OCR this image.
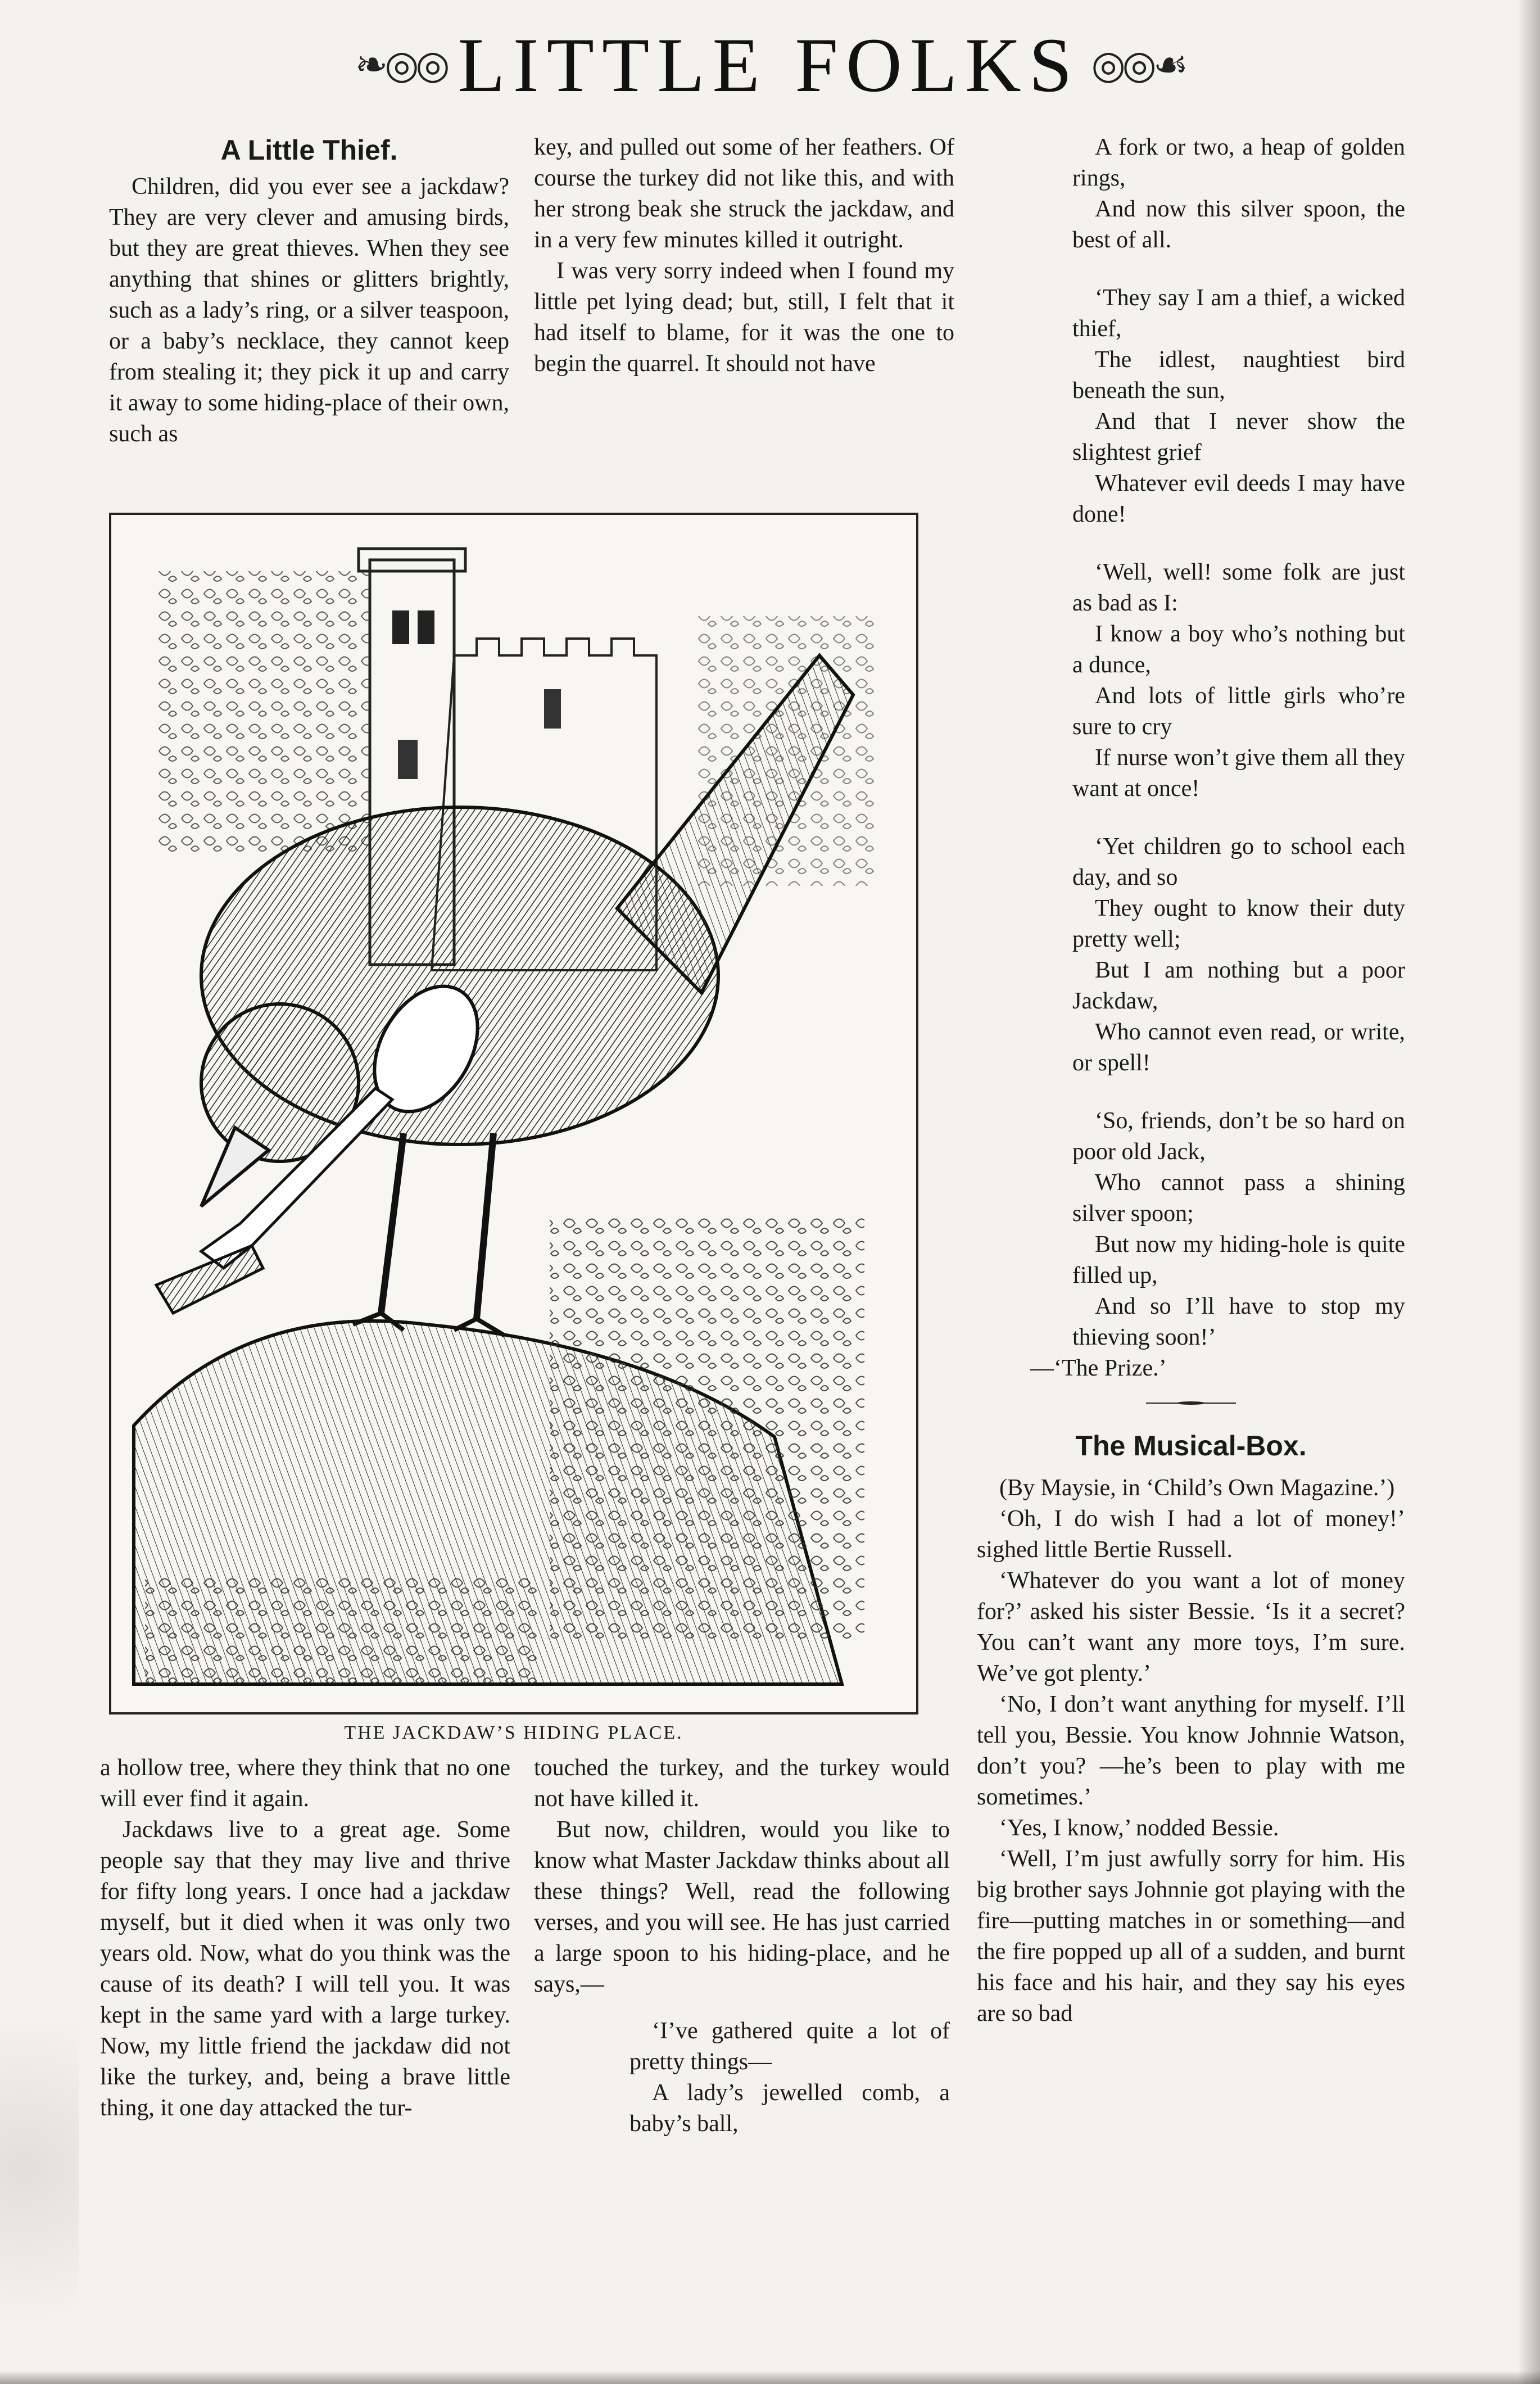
❧◎◎ LITTLE FOLKS ◎◎☙
A Little Thief.

Children, did you ever see a jackdaw? They are very clever and amusing birds, but they are great thieves. When they see anything that shines or glitters brightly, such as a lady’s ring, or a silver teaspoon, or a baby’s necklace, they cannot keep from stealing it; they pick it up and carry it away to some hiding-place of their own, such as

key, and pulled out some of her feathers. Of course the turkey did not like this, and with her strong beak she struck the jackdaw, and in a very few minutes killed it outright.

I was very sorry indeed when I found my little pet lying dead; but, still, I felt that it had itself to blame, for it was the one to begin the quarrel. It should not have

THE JACKDAW’S HIDING PLACE.

a hollow tree, where they think that no one will ever find it again.

Jackdaws live to a great age. Some people say that they may live and thrive for fifty long years. I once had a jackdaw myself, but it died when it was only two years old. Now, what do you think was the cause of its death? I will tell you. It was kept in the same yard with a large turkey. Now, my little friend the jackdaw did not like the turkey, and, being a brave little thing, it one day attacked the tur-

touched the turkey, and the turkey would not have killed it.

But now, children, would you like to know what Master Jackdaw thinks about all these things? Well, read the following verses, and you will see. He has just carried a large spoon to his hiding-place, and he says,—

‘I’ve gathered quite a lot of pretty things—

A lady’s jewelled comb, a baby’s ball,

A fork or two, a heap of golden rings,

And now this silver spoon, the best of all.

‘They say I am a thief, a wicked thief,

The idlest, naughtiest bird beneath the sun,

And that I never show the slightest grief

Whatever evil deeds I may have done!

‘Well, well! some folk are just as bad as I:

I know a boy who’s nothing but a dunce,

And lots of little girls who’re sure to cry

If nurse won’t give them all they want at once!

‘Yet children go to school each day, and so

They ought to know their duty pretty well;

But I am nothing but a poor Jackdaw,

Who cannot even read, or write, or spell!

‘So, friends, don’t be so hard on poor old Jack,

Who cannot pass a shining silver spoon;

But now my hiding-hole is quite filled up,

And so I’ll have to stop my thieving soon!’

—‘The Prize.’

The Musical-Box.

(By Maysie, in ‘Child’s Own Magazine.’)

‘Oh, I do wish I had a lot of money!’ sighed little Bertie Russell.

‘Whatever do you want a lot of money for?’ asked his sister Bessie. ‘Is it a secret? You can’t want any more toys, I’m sure. We’ve got plenty.’

‘No, I don’t want anything for myself. I’ll tell you, Bessie. You know Johnnie Watson, don’t you? —he’s been to play with me sometimes.’

‘Yes, I know,’ nodded Bessie.

‘Well, I’m just awfully sorry for him. His big brother says Johnnie got playing with the fire—putting matches in or something—and the fire popped up all of a sudden, and burnt his face and his hair, and they say his eyes are so bad
